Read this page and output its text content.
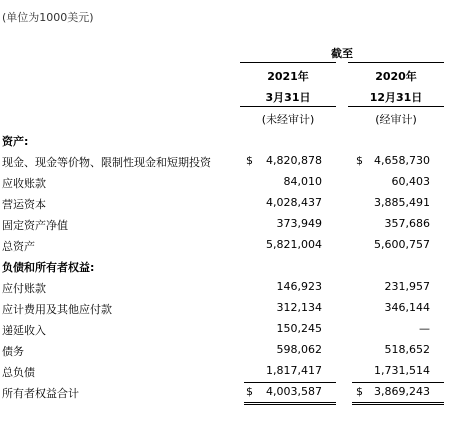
(单位为1000美元)
截至
2021年	2020年
3月31日	12月31日
(未经审计)	(经审计)
资产:
现金、现金等价物、限制性现金和短期投资	$ 4,820,878	$ 4,658,730
应收账款	84,010	60,403
营运资本	4,028,437	3,885,491
固定资产净值	373,949	357,686
总资产	5,821,004	5,600,757
负债和所有者权益:
应付账款	146,923	231,957
应计费用及其他应付款	312,134	346,144
递延收入	150,245	—
债务	598,062	518,652
总负债	1,817,417	1,731,514
所有者权益合计	$ 4,003,587	$ 3,869,243
